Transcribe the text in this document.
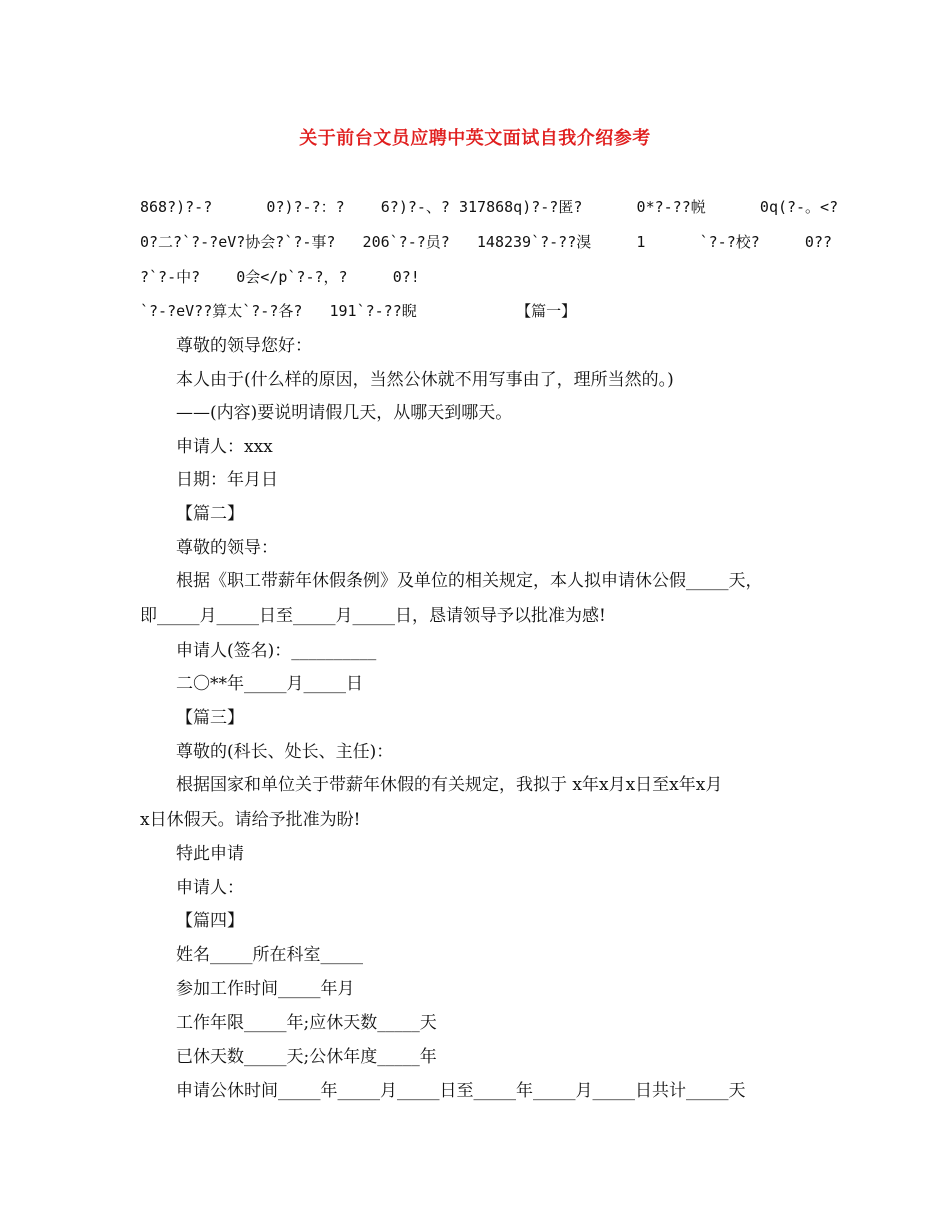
关于前台文员应聘中英文面试自我介绍参考
868?)?-?      0?)?-?：?    6?)?-、? 317868q)?-?匿?      0*?-??帨      0q(?-。<?
0?二?`?-?eV?协会?`?-事?   206`?-?员?   148239`?-??湨     1      `?-?校?     0??
?`?-中?    0会</p`?-?，?     0?!
`?-?eV??算太`?-?各?   191`?-??睨           【篇一】
尊敬的领导您好：
本人由于(什么样的原因，当然公休就不用写事由了，理所当然的。)
——(内容)要说明请假几天，从哪天到哪天。
申请人：xxx
日期：年月日
【篇二】
尊敬的领导：
根据《职工带薪年休假条例》及单位的相关规定，本人拟申请休公假_____天，
即_____月_____日至_____月_____日，恳请领导予以批准为感!
申请人(签名)：__________
二〇**年_____月_____日
【篇三】
尊敬的(科长、处长、主任)：
根据国家和单位关于带薪年休假的有关规定，我拟于 x年x月x日至x年x月
x日休假天。请给予批准为盼!
特此申请
申请人：
【篇四】
姓名_____所在科室_____
参加工作时间_____年月
工作年限_____年;应休天数_____天
已休天数_____天;公休年度_____年
申请公休时间_____年_____月_____日至_____年_____月_____日共计_____天
